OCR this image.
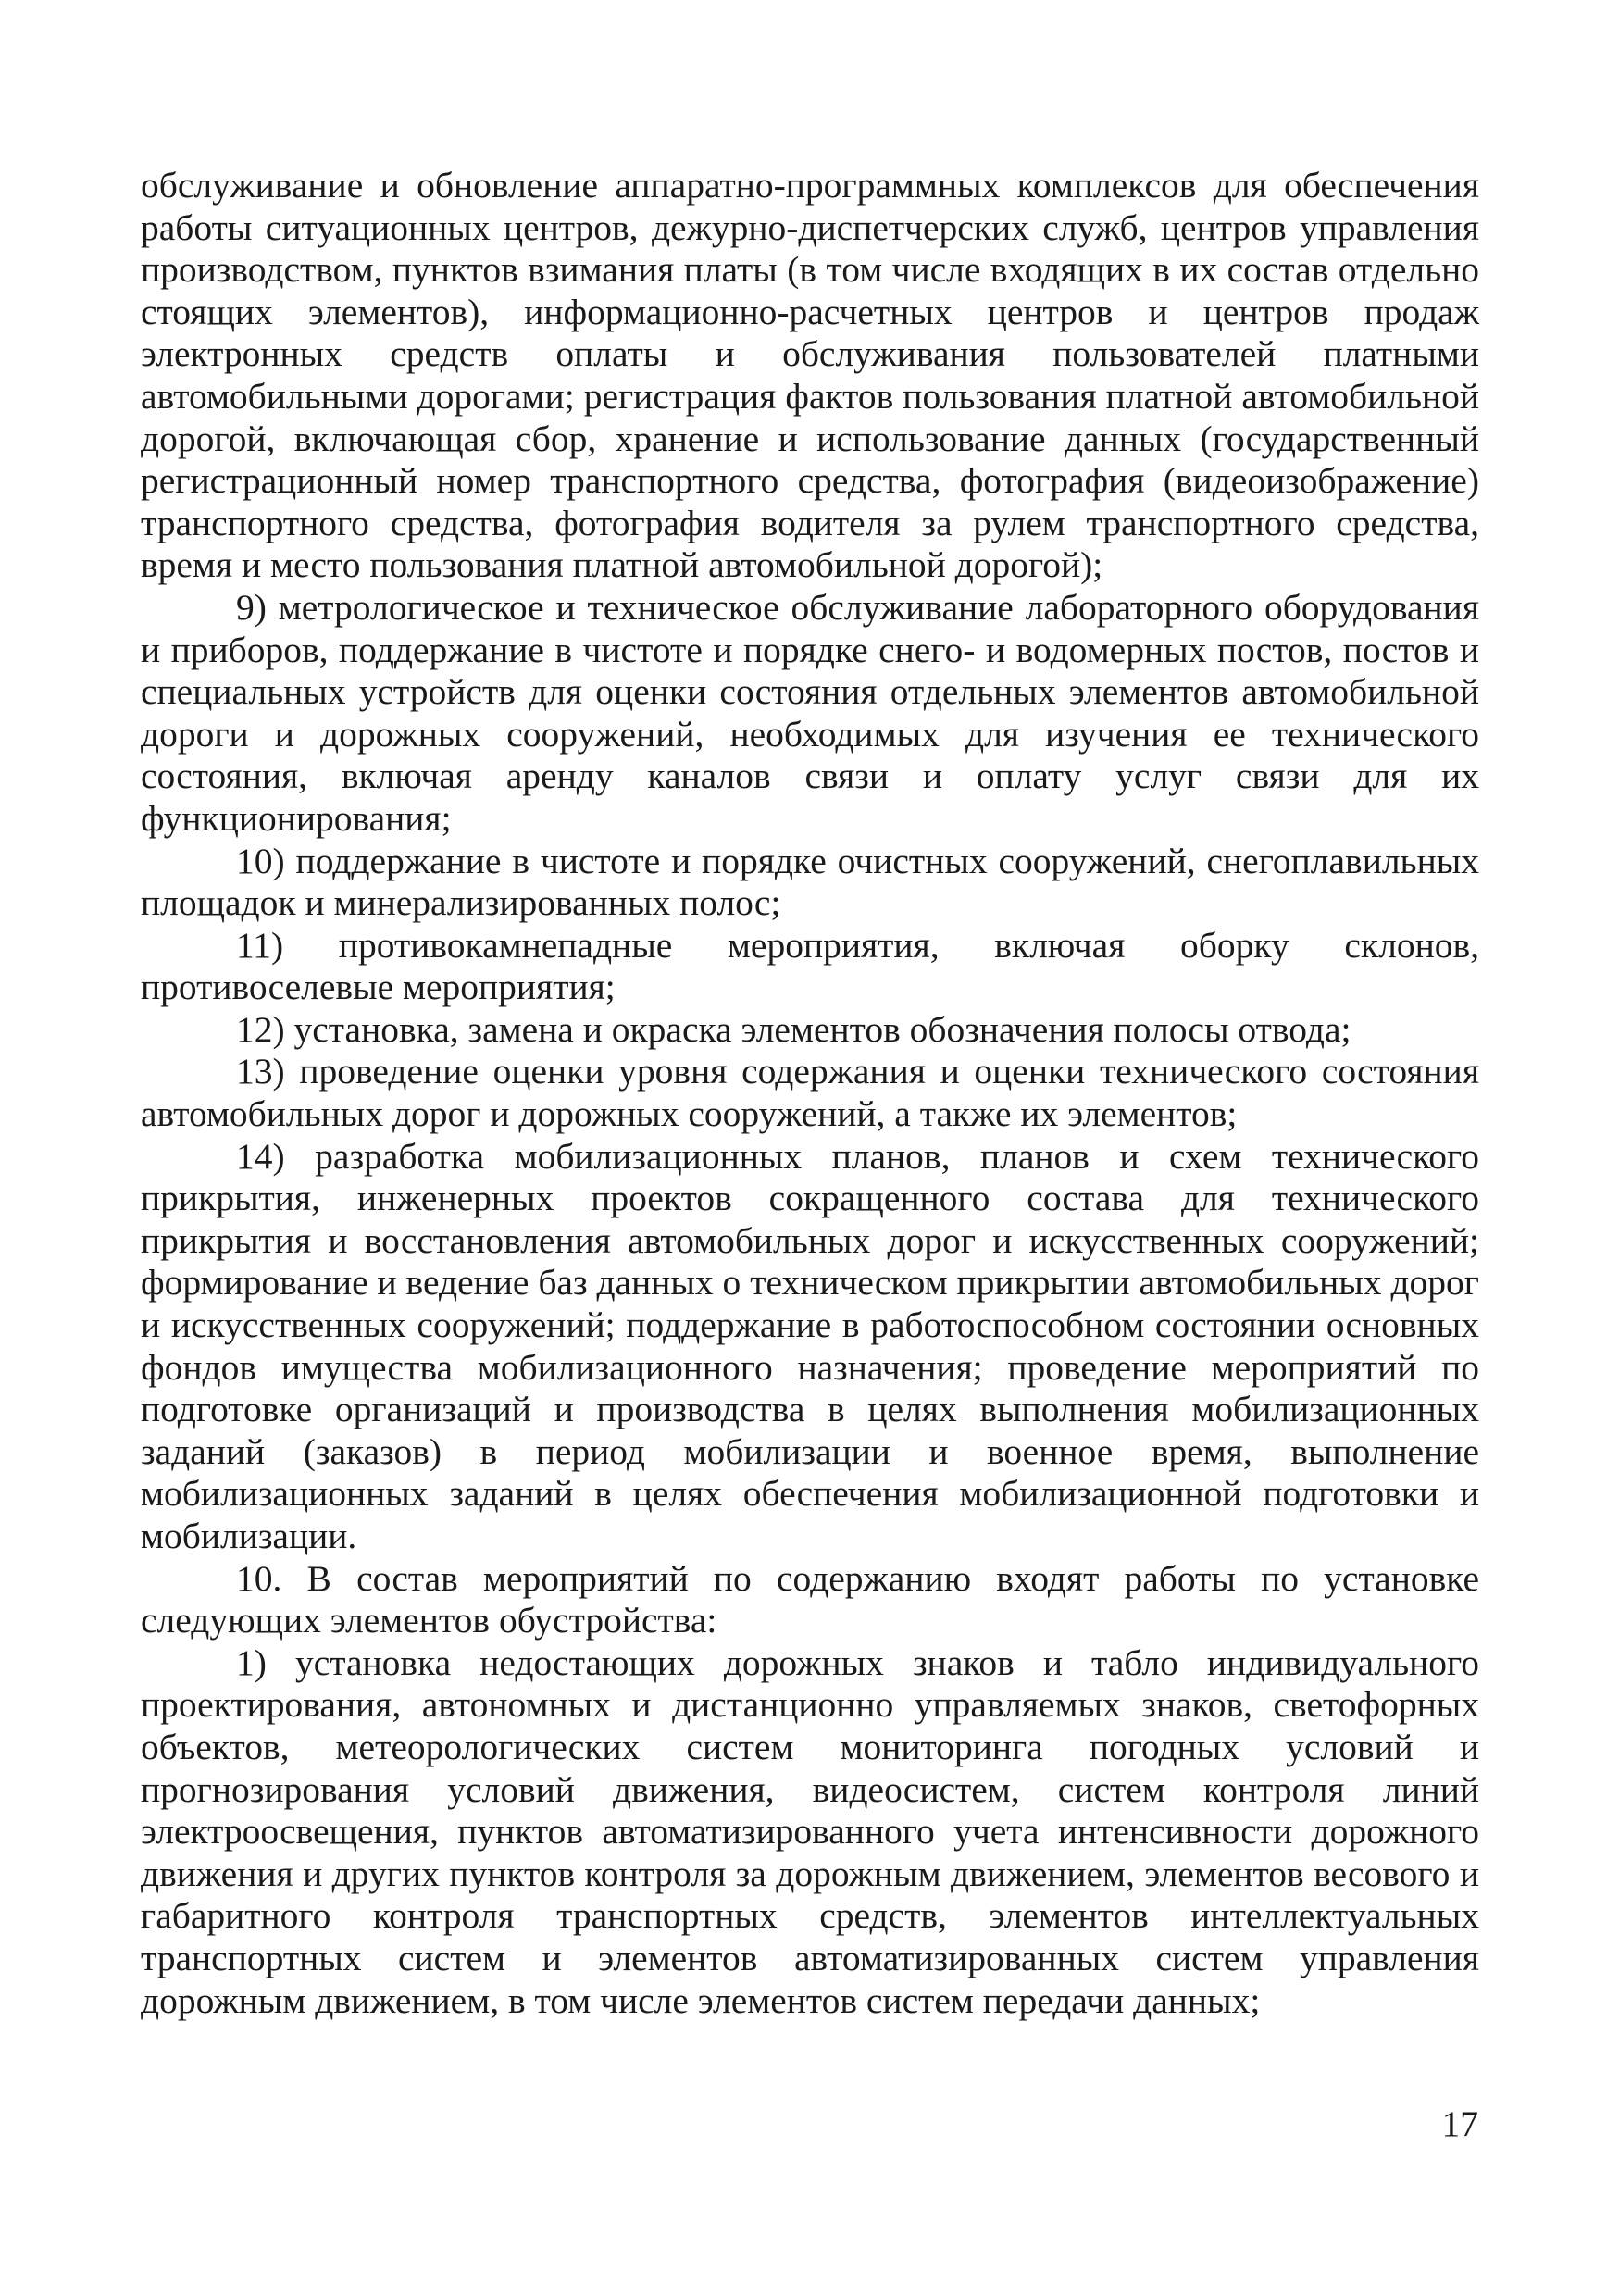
обслуживание и обновление аппаратно-программных комплексов для обеспечения работы ситуационных центров, дежурно-диспетчерских служб, центров управления производством, пунктов взимания платы (в том числе входящих в их состав отдельно стоящих элементов), информационно-расчетных центров и центров продаж электронных средств оплаты и обслуживания пользователей платными автомобильными дорогами; регистрация фактов пользования платной автомобильной дорогой, включающая сбор, хранение и использование данных (государственный регистрационный номер транспортного средства, фотография (видеоизображение) транспортного средства, фотография водителя за рулем транспортного средства, время и место пользования платной автомобильной дорогой);

9) метрологическое и техническое обслуживание лабораторного оборудования и приборов, поддержание в чистоте и порядке снего- и водомерных постов, постов и специальных устройств для оценки состояния отдельных элементов автомобильной дороги и дорожных сооружений, необходимых для изучения ее технического состояния, включая аренду каналов связи и оплату услуг связи для их функционирования;

10) поддержание в чистоте и порядке очистных сооружений, снегоплавильных площадок и минерализированных полос;

11) противокамнепадные мероприятия, включая оборку склонов, противоселевые мероприятия;

12) установка, замена и окраска элементов обозначения полосы отвода;

13) проведение оценки уровня содержания и оценки технического состояния автомобильных дорог и дорожных сооружений, а также их элементов;

14) разработка мобилизационных планов, планов и схем технического прикрытия, инженерных проектов сокращенного состава для технического прикрытия и восстановления автомобильных дорог и искусственных сооружений; формирование и ведение баз данных о техническом прикрытии автомобильных дорог и искусственных сооружений; поддержание в работоспособном состоянии основных фондов имущества мобилизационного назначения; проведение мероприятий по подготовке организаций и производства в целях выполнения мобилизационных заданий (заказов) в период мобилизации и военное время, выполнение мобилизационных заданий в целях обеспечения мобилизационной подготовки и мобилизации.

10. В состав мероприятий по содержанию входят работы по установке следующих элементов обустройства:

1) установка недостающих дорожных знаков и табло индивидуального проектирования, автономных и дистанционно управляемых знаков, светофорных объектов, метеорологических систем мониторинга погодных условий и прогнозирования условий движения, видеосистем, систем контроля линий электроосвещения, пунктов автоматизированного учета интенсивности дорожного движения и других пунктов контроля за дорожным движением, элементов весового и габаритного контроля транспортных средств, элементов интеллектуальных транспортных систем и элементов автоматизированных систем управления дорожным движением, в том числе элементов систем передачи данных;

17
